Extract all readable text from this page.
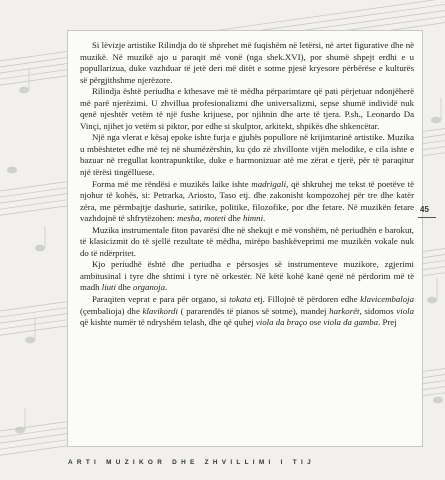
Si lëvizje artistike Rilindja do të shprehet më fuqishëm në letërsi, në artet figurative dhe në muzikë. Në muzikë ajo u paraqit më vonë (nga shek.XVI), por shumë shpejt erdhi e u popullarizua, duke vazhduar të jetë deri më ditët e sotme pjesë kryesore përbërëse e kulturës së përgjithshme njerëzore.

Rilindja është periudha e kthesave më të mëdha përparimtare që pati përjetuar ndonjëherë më parë njerëzimi. U zhvillua profesionalizmi dhe universalizmi, sepse shumë individë nuk qenë njeshtër vetëm të një fushe krijuese, por njihnin dhe arte të tjera. P.sh., Leonardo Da Vinçi, njihet jo vetëm si piktor, por edhe si skulptor, arkitekt, shpikës dhe shkencëtar.

Një nga vlerat e kësaj epoke ishte furja e gjuhës popullore në krijimtarinë artistike. Muzika u mbështetet edhe më tej në shumëzërshin, ku çdo zë zhvillonte vijën melodike, e cila ishte e bazuar në rregullat kontrapunktike, duke e harmonizuar atë me zërat e tjerë, për të paraqitur një tërësi tingëlluese.

Forma më me rëndësi e muzikës laike ishte madrigali, që shkruhej me tekst të poetëve të njohur të kohës, si: Petrarka, Ariosto, Taso etj. dhe zakonisht kompozohej për tre dhe katër zëra, me përmbajtje dashurie, satirike, politike, filozofike, por dhe fetare. Në muzikën fetare vazhdojnë të shfrytëzohen: mesha, moteti dhe himni.

Muzika instrumentale fiton pavarësi dhe në shekujt e më vonshëm, në periudhën e barokut, të klasicizmit do të sjellë rezultate të mëdha, mirëpo bashkëveprimi me muzikën vokale nuk do të ndërpritet.

Kjo periudhë është dhe periudha e përsosjes së instrumenteve muzikore, zgjerimi ambitusinal i tyre dhe shtimi i tyre në orkestër. Në këtë kohë kanë qenë në përdorim më të madh liuti dhe organoja.

Paraqiten veprat e para për organo, si tokata etj. Fillojnë të përdoren edhe klavicembaloja (çembalioja) dhe klavikordi ( pararendës të pianos së sotme), mandej harkorët, sidomos viola që kishte numër të ndryshëm telash, dhe që quhej viola da braço ose viola da gamba. Prej

45
ARTI MUZIKOR DHE ZHVILLIMI I TIJ
